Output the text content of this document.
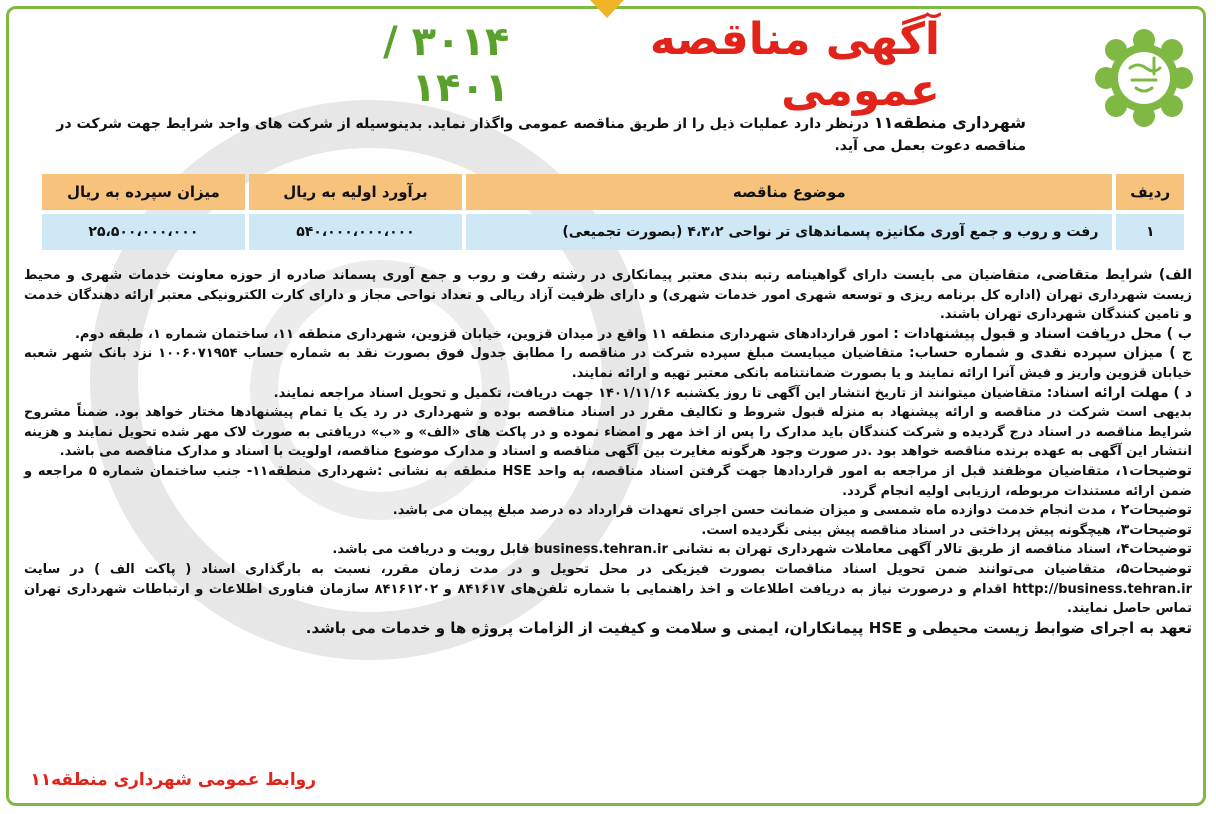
آگهی مناقصه عمومی
۳۰۱۴ / ۱۴۰۱
شهرداری منطقه۱۱ درنظر دارد عملیات ذیل را از طریق مناقصه عمومی واگذار نماید. بدینوسیله از شرکت های واجد شرایط جهت شرکت در مناقصه دعوت بعمل می آید.
ردیف	موضوع مناقصه	برآورد اولیه به ریال	میزان سپرده به ریال
۱	رفت و روب و جمع آوری مکانیزه پسماندهای تر نواحی ۴،۳،۲ (بصورت تجمیعی)	۵۴۰،۰۰۰،۰۰۰،۰۰۰	۲۵،۵۰۰،۰۰۰،۰۰۰

الف) شرایط متقاضی، متقاضیان می بایست دارای گواهینامه رتبه بندی معتبر پیمانکاری در رشته رفت و روب و جمع آوری پسماند صادره از حوزه معاونت خدمات شهری و محیط زیست شهرداری تهران (اداره کل برنامه ریزی و توسعه شهری امور خدمات شهری) و دارای ظرفیت آزاد ریالی و تعداد نواحی مجاز و دارای کارت الکترونیکی معتبر ارائه دهندگان خدمت و تامین کنندگان شهرداری تهران باشند.

ب ) محل دریافت اسناد و قبول پیشنهادات : امور قراردادهای شهرداری منطقه ۱۱ واقع در میدان قزوین، خیابان قزوین، شهرداری منطقه ۱۱، ساختمان شماره ۱، طبقه دوم.

ج ) میزان سپرده نقدی و شماره حساب: متقاضیان میبایست مبلغ سپرده شرکت در مناقصه را مطابق جدول فوق بصورت نقد به شماره حساب ۱۰۰۶۰۷۱۹۵۴ نزد بانک شهر شعبه خیابان قزوین واریز و فیش آنرا ارائه نمایند و یا بصورت ضمانتنامه بانکی معتبر تهیه و ارائه نمایند.

د ) مهلت ارائه اسناد: متقاضیان میتوانند از تاریخ انتشار این آگهی تا روز یکشنبه ۱۴۰۱/۱۱/۱۶ جهت دریافت، تکمیل و تحویل اسناد مراجعه نمایند.

بدیهی است شرکت در مناقصه و ارائه پیشنهاد به منزله قبول شروط و تکالیف مقرر در اسناد مناقصه بوده و شهرداری در رد یک یا تمام پیشنهادها مختار خواهد بود. ضمناً مشروح شرایط مناقصه در اسناد درج گردیده و شرکت کنندگان باید مدارک را پس از اخذ مهر و امضاء نموده و در پاکت های «الف» و «ب» دریافتی به صورت لاک مهر شده تحویل نمایند و هزینه انتشار این آگهی به عهده برنده مناقصه خواهد بود .در صورت وجود هرگونه مغایرت بین آگهی مناقصه و اسناد و مدارک موضوع مناقصه، اولویت با اسناد و مدارک مناقصه می باشد.

توضیحات۱، متقاضیان موظفند قبل از مراجعه به امور قراردادها جهت گرفتن اسناد مناقصه، به واحد HSE منطقه به نشانی :شهرداری منطقه۱۱- جنب ساختمان شماره ۵ مراجعه و ضمن ارائه مستندات مربوطه، ارزیابی اولیه انجام گردد.

توضیحات۲ ، مدت انجام خدمت دوازده ماه شمسی و میزان ضمانت حسن اجرای تعهدات قرارداد ده درصد مبلغ پیمان می باشد.

توضیحات۳، هیچگونه پیش پرداختی در اسناد مناقصه پیش بینی نگردیده است.

توضیحات۴، اسناد مناقصه از طریق تالار آگهی معاملات شهرداری تهران به نشانی business.tehran.ir قابل رویت و دریافت می باشد.

توضیحات۵، متقاضیان می‌توانند ضمن تحویل اسناد مناقصات بصورت فیزیکی در محل تحویل و در مدت زمان مقرر، نسبت به بارگذاری اسناد ( پاکت الف ) در سایت http://business.tehran.ir اقدام و درصورت نیاز به دریافت اطلاعات و اخذ راهنمایی با شماره تلفن‌های ۸۴۱۶۱۷ و ۸۴۱۶۱۲۰۲ سازمان فناوری اطلاعات و ارتباطات شهرداری تهران تماس حاصل نمایند.

تعهد به اجرای ضوابط زیست محیطی و HSE پیمانکاران، ایمنی و سلامت و کیفیت از الزامات پروژه ها و خدمات می باشد.

روابط عمومی شهرداری منطقه۱۱
